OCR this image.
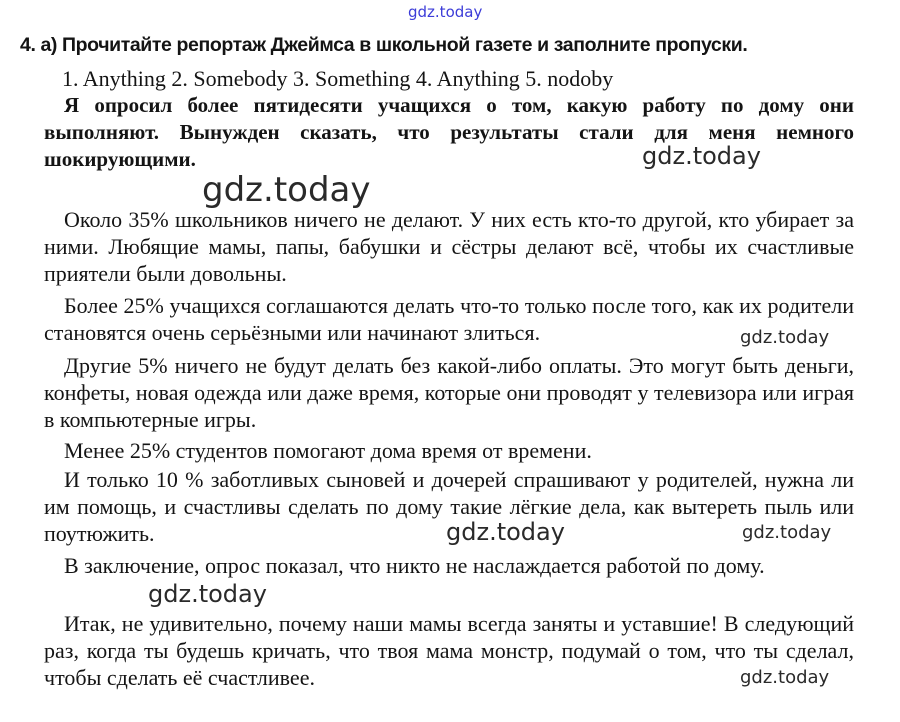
gdz.today
4. а) Прочитайте репортаж Джеймса в школьной газете и заполните пропуски.
1. Anything 2. Somebody 3. Something 4. Anything 5. nodoby

Я опросил более пятидесяти учащихся о том, какую работу по дому они выполняют. Вынужден сказать, что результаты стали для меня немного шокирующими.

Около 35% школьников ничего не делают. У них есть кто-то другой, кто убирает за ними. Любящие мамы, папы, бабушки и сёстры делают всё, чтобы их счастливые приятели были довольны.

Более 25% учащихся соглашаются делать что-то только после того, как их родители становятся очень серьёзными или начинают злиться.

Другие 5% ничего не будут делать без какой-либо оплаты. Это могут быть деньги, конфеты, новая одежда или даже время, которые они проводят у телевизора или играя в компьютерные игры.

Менее 25% студентов помогают дома время от времени.

И только 10 % заботливых сыновей и дочерей спрашивают у родителей, нужна ли им помощь, и счастливы сделать по дому такие лёгкие дела, как вытереть пыль или поутюжить.

В заключение, опрос показал, что никто не наслаждается работой по дому.

Итак, не удивительно, почему наши мамы всегда заняты и уставшие! В следующий раз, когда ты будешь кричать, что твоя мама монстр, подумай о том, что ты сделал, чтобы сделать её счастливее.

gdz.today
gdz.today
gdz.today
gdz.today	gdz.today
gdz.today
gdz.today
